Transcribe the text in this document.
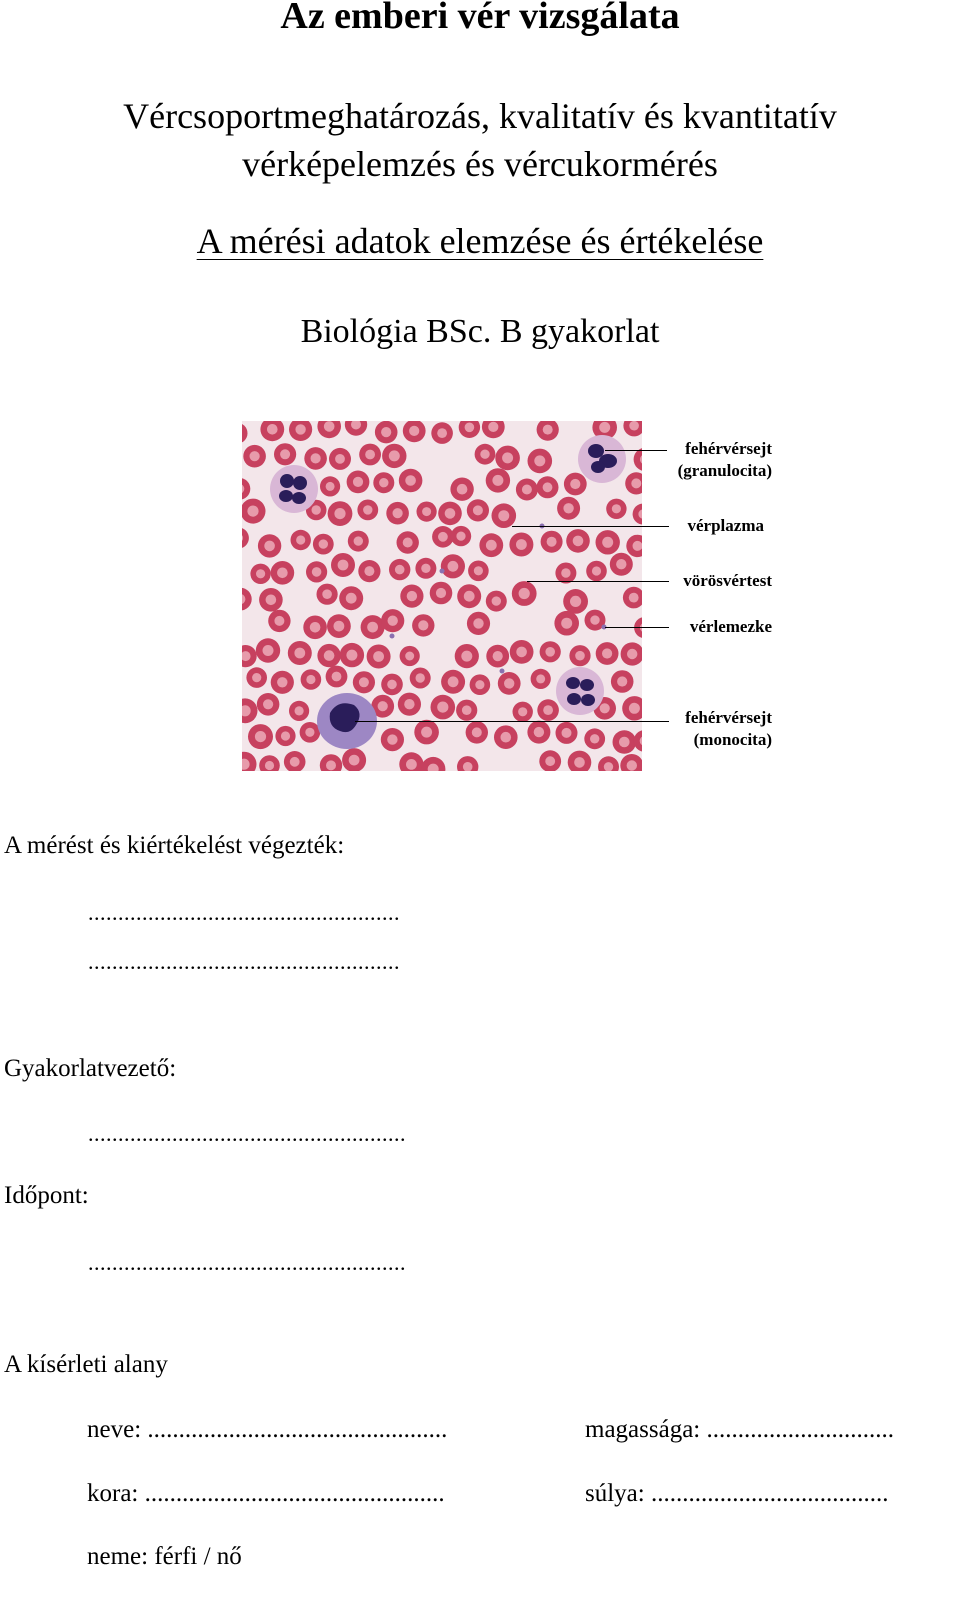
Az emberi vér vizsgálata
Vércsoportmeghatározás, kvalitatív és kvantitatív
vérképelemzés és vércukormérés
A mérési adatok elemzése és értékelése
Biológia BSc. B gyakorlat
fehérvérsejt
(granulocita)
vérplazma
vörösvértest
vérlemezke
fehérvérsejt
(monocita)
A mérést és kiértékelést végezték:
....................................................
....................................................
Gyakorlatvezető:
.....................................................
Időpont:
.....................................................
A kísérleti alany
neve: ................................................	magassága: ..............................
kora: ................................................	súlya: ......................................
neme: férfi / nő
